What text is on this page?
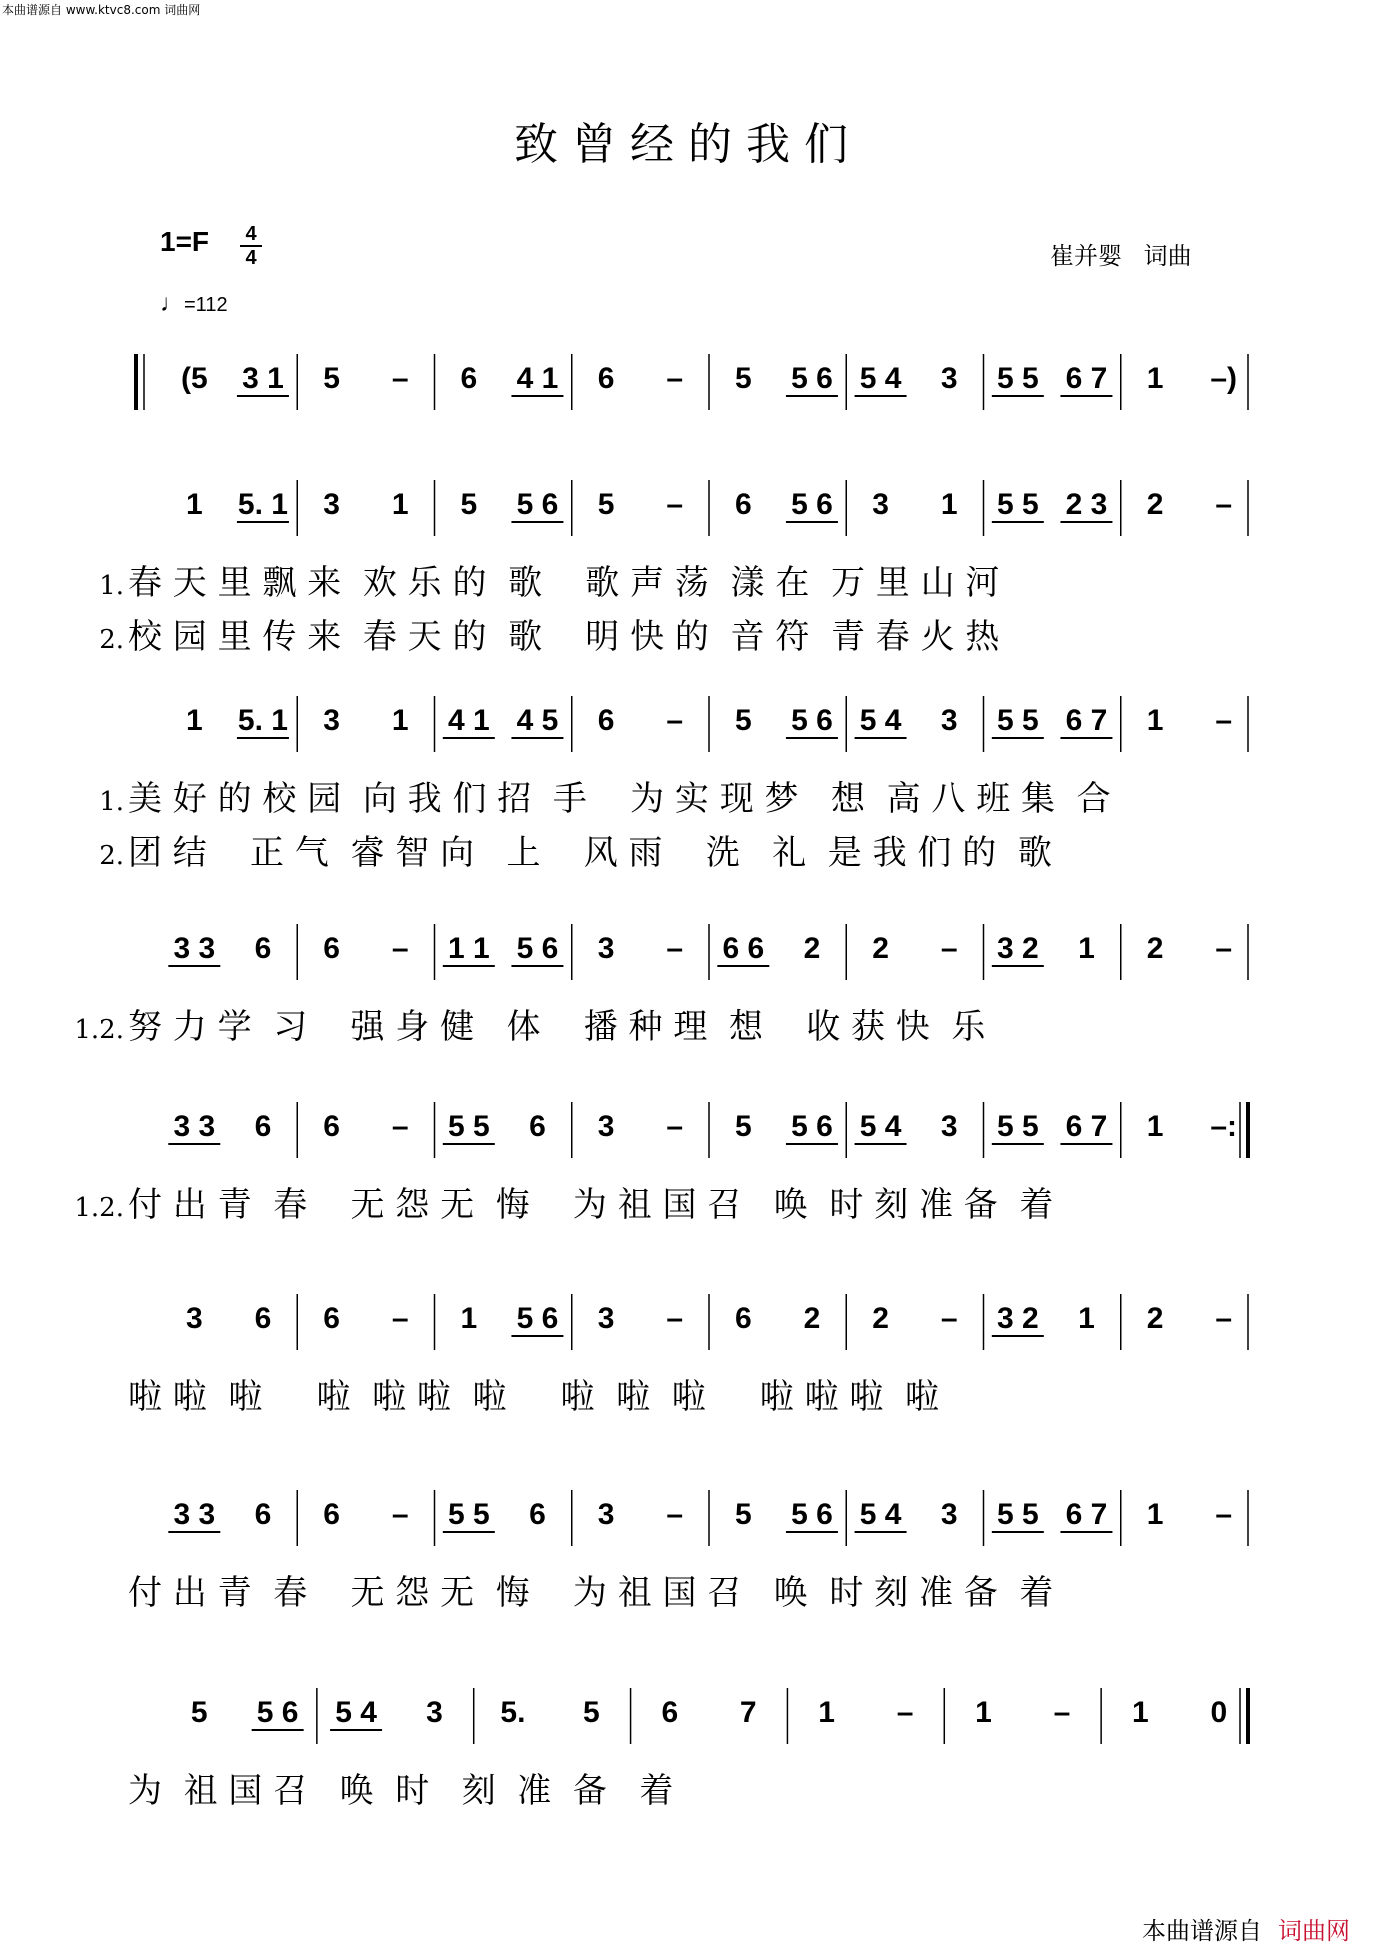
本曲谱源自 www.ktvc8.com 词曲网
致曾经的我们
1=F 4
4
♩=112
崔并婴 词曲
(5 3 1 5 – 6 4 1 6 – 5 5 6 5 4 3 5 5 6 7 1 –)
1 5. 1 3 1 5 5 6 5 – 6 5 6 3 1 5 5 2 3 2 –
1. 春 天 里 飘 来  欢 乐 的  歌    歌 声 荡  漾 在  万 里 山 河
2. 校 园 里 传 来  春 天 的  歌    明 快 的  音 符  青 春 火 热
1 5. 1 3 1 4 1 4 5 6 – 5 5 6 5 4 3 5 5 6 7 1 –
1. 美 好 的 校 园  向 我 们 招  手    为 实 现 梦   想  高 八 班 集  合
2. 团 结    正 气  睿 智 向   上    风 雨    洗   礼  是 我 们 的  歌
3 3 6 6 – 1 1 5 6 3 – 6 6 2 2 – 3 2 1 2 –
1.2. 努 力 学  习    强 身 健   体    播 种 理  想    收 获 快  乐
3 3 6 6 – 5 5 6 3 – 5 5 6 5 4 3 5 5 6 7 1 –:
1.2. 付 出 青  春    无 怨 无  悔    为 祖 国 召   唤  时 刻 准 备  着
3 6 6 – 1 5 6 3 – 6 2 2 – 3 2 1 2 –
啦 啦  啦     啦  啦 啦  啦     啦  啦  啦     啦 啦 啦  啦
3 3 6 6 – 5 5 6 3 – 5 5 6 5 4 3 5 5 6 7 1 –
付 出 青  春    无 怨 无  悔    为 祖 国 召   唤  时 刻 准 备  着
5 5 6 5 4 3 5. 5 6 7 1 – 1 – 1 0
为  祖 国 召   唤  时   刻  准  备   着
本曲谱源自 词曲网
